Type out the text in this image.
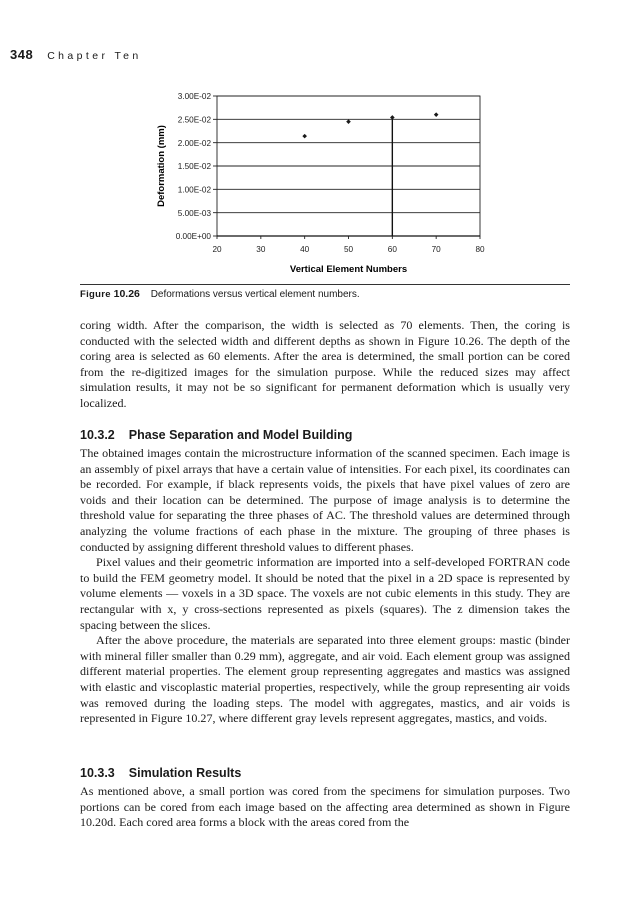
348 Chapter Ten
0.00E+00
5.00E-03
1.00E-02
1.50E-02
2.00E-02
2.50E-02
3.00E-02
20	30	40	50	60	70	80
Vertical Element Numbers
Deformation (mm)
Figure 10.26 Deformations versus vertical element numbers.

coring width. After the comparison, the width is selected as 70 elements. Then, the coring is conducted with the selected width and different depths as shown in Figure 10.26. The depth of the coring area is selected as 60 elements. After the area is determined, the small portion can be cored from the re-digitized images for the simulation purpose. While the reduced sizes may affect simulation results, it may not be so significant for permanent deformation which is usually very localized.

10.3.2 Phase Separation and Model Building

The obtained images contain the microstructure information of the scanned specimen. Each image is an assembly of pixel arrays that have a certain value of intensities. For each pixel, its coordinates can be recorded. For example, if black represents voids, the pixels that have pixel values of zero are voids and their location can be determined. The purpose of image analysis is to determine the threshold value for separating the three phases of AC. The threshold values are determined through analyzing the volume fractions of each phase in the mixture. The grouping of three phases is conducted by assigning different threshold values to different phases.

Pixel values and their geometric information are imported into a self-developed FORTRAN code to build the FEM geometry model. It should be noted that the pixel in a 2D space is represented by volume elements — voxels in a 3D space. The voxels are not cubic elements in this study. They are rectangular with x, y cross-sections represented as pixels (squares). The z dimension takes the spacing between the slices.

After the above procedure, the materials are separated into three element groups: mastic (binder with mineral filler smaller than 0.29 mm), aggregate, and air void. Each element group was assigned different material properties. The element group representing aggregates and mastics was assigned with elastic and viscoplastic material properties, respectively, while the group representing air voids was removed during the loading steps. The model with aggregates, mastics, and air voids is represented in Figure 10.27, where different gray levels represent aggregates, mastics, and voids.

10.3.3 Simulation Results

As mentioned above, a small portion was cored from the specimens for simulation purposes. Two portions can be cored from each image based on the affecting area determined as shown in Figure 10.20d. Each cored area forms a block with the areas cored from the
